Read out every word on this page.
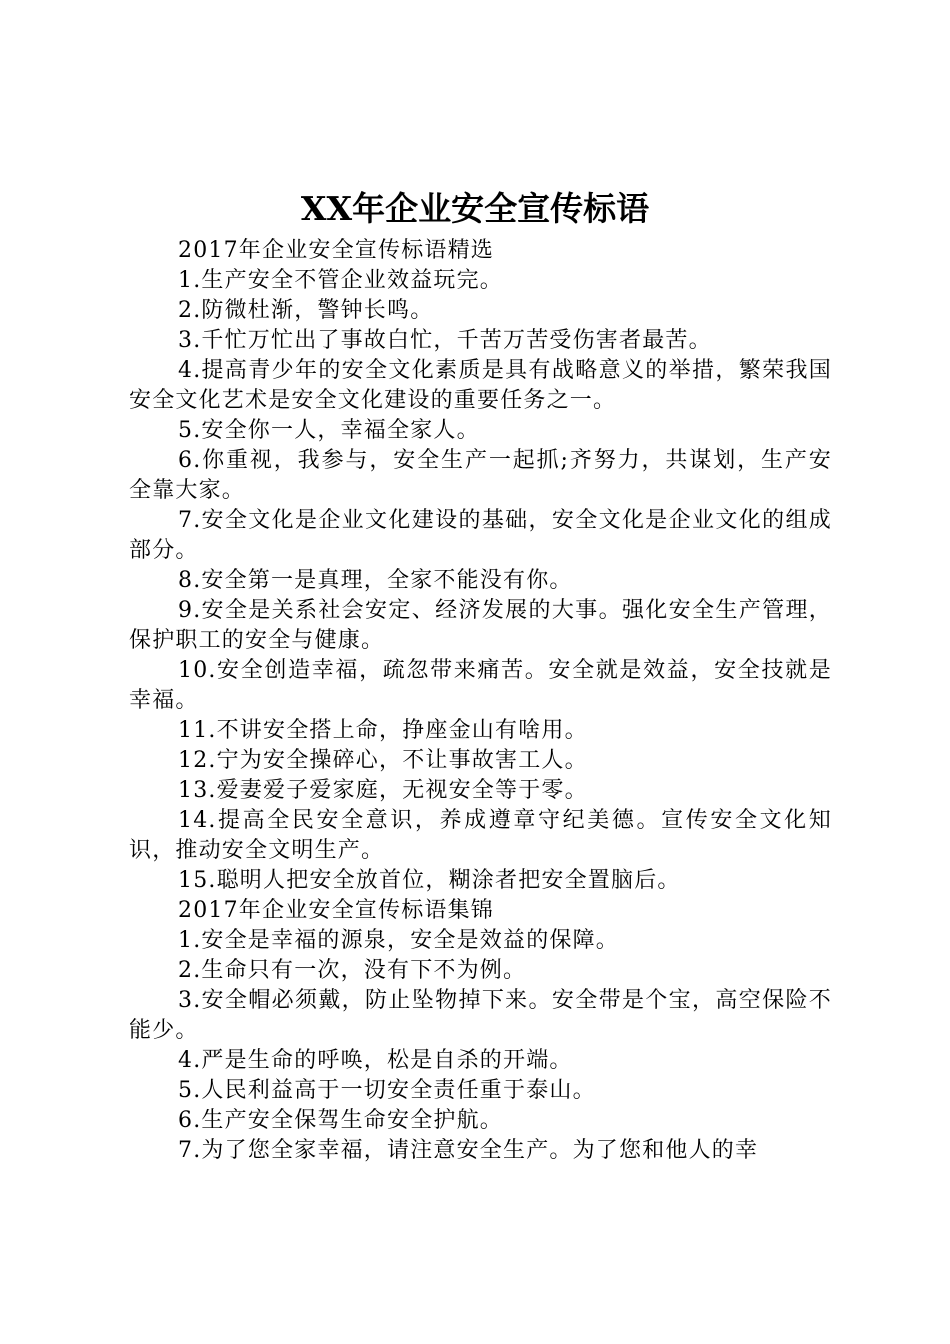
XX年企业安全宣传标语

2017年企业安全宣传标语精选

1.生产安全不管企业效益玩完。

2.防微杜渐，警钟长鸣。

3.千忙万忙出了事故白忙，千苦万苦受伤害者最苦。

4.提高青少年的安全文化素质是具有战略意义的举措，繁荣我国安全文化艺术是安全文化建设的重要任务之一。

5.安全你一人，幸福全家人。

6.你重视，我参与，安全生产一起抓;齐努力，共谋划，生产安全靠大家。

7.安全文化是企业文化建设的基础，安全文化是企业文化的组成部分。

8.安全第一是真理，全家不能没有你。

9.安全是关系社会安定、经济发展的大事。强化安全生产管理，保护职工的安全与健康。

10.安全创造幸福，疏忽带来痛苦。安全就是效益，安全技就是幸福。

11.不讲安全搭上命，挣座金山有啥用。

12.宁为安全操碎心，不让事故害工人。

13.爱妻爱子爱家庭，无视安全等于零。

14.提高全民安全意识，养成遵章守纪美德。宣传安全文化知识，推动安全文明生产。

15.聪明人把安全放首位，糊涂者把安全置脑后。

2017年企业安全宣传标语集锦

1.安全是幸福的源泉，安全是效益的保障。

2.生命只有一次，没有下不为例。

3.安全帽必须戴，防止坠物掉下来。安全带是个宝，高空保险不能少。

4.严是生命的呼唤，松是自杀的开端。

5.人民利益高于一切安全责任重于泰山。

6.生产安全保驾生命安全护航。

7.为了您全家幸福，请注意安全生产。为了您和他人的幸
